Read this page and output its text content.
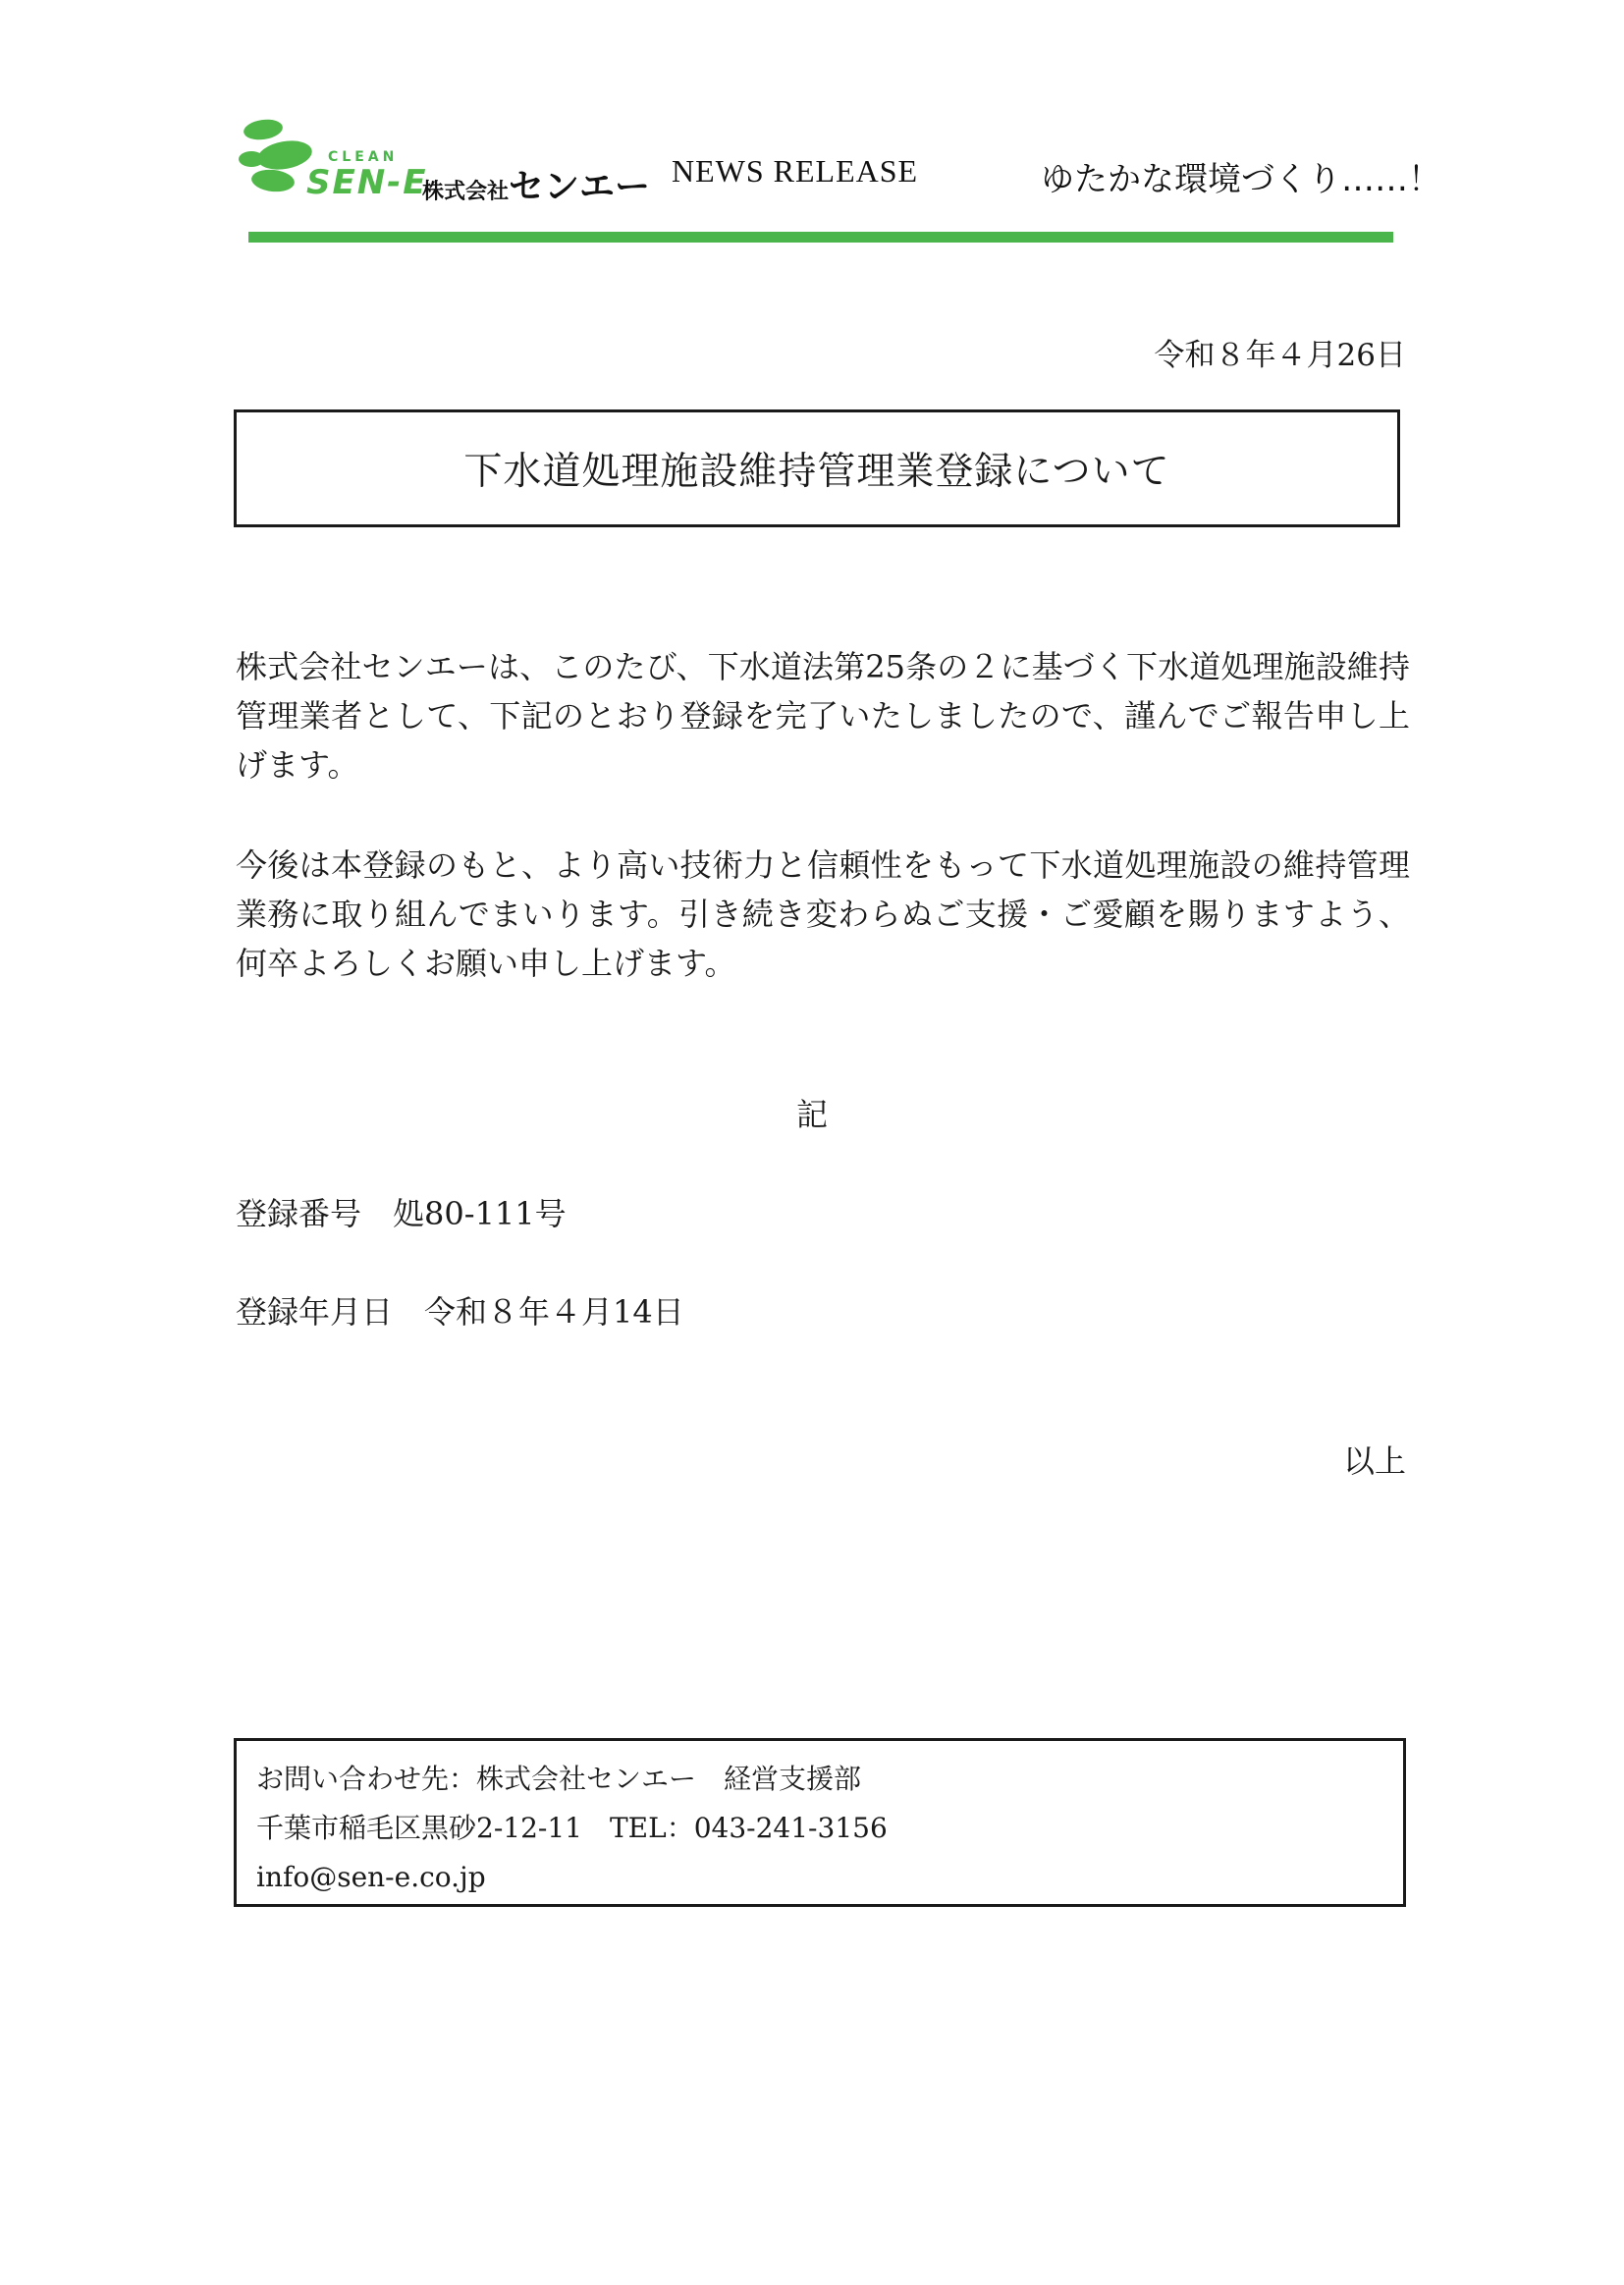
CLEAN
SEN-E
株式会社センエー NEWS RELEASE	ゆたかな環境づくり……！
令和８年４月26日
下水道処理施設維持管理業登録について
株式会社センエーは、このたび、下水道法第25条の２に基づく下水道処理施設維持管理業者として、下記のとおり登録を完了いたしましたので、謹んでご報告申し上げます。
今後は本登録のもと、より高い技術力と信頼性をもって下水道処理施設の維持管理業務に取り組んでまいります。引き続き変わらぬご支援・ご愛顧を賜りますよう、何卒よろしくお願い申し上げます。
記
登録番号　 処80-111号
登録年月日　 令和８年４月14日
以上
お問い合わせ先：株式会社センエー　経営支援部
千葉市稲毛区黒砂2-12-11　TEL：043-241-3156
info@sen-e.co.jp
